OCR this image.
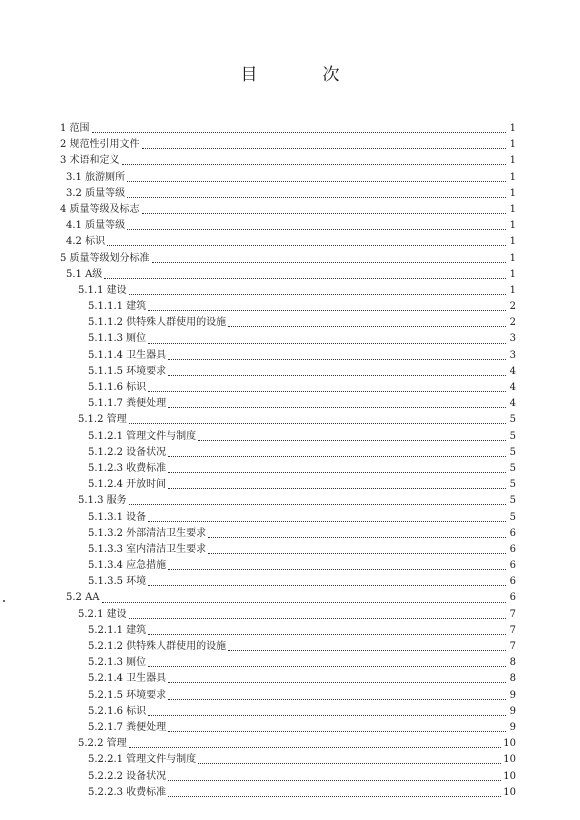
目　次
1 范围	1
2 规范性引用文件	1
3 术语和定义	1
3.1 旅游厕所	1
3.2 质量等级	1
4 质量等级及标志	1
4.1 质量等级	1
4.2 标识	1
5 质量等级划分标准	1
5.1 A级	1
5.1.1 建设	1
5.1.1.1 建筑	2
5.1.1.2 供特殊人群使用的设施	2
5.1.1.3 厕位	3
5.1.1.4 卫生器具	3
5.1.1.5 环境要求	4
5.1.1.6 标识	4
5.1.1.7 粪便处理	4
5.1.2 管理	5
5.1.2.1 管理文件与制度	5
5.1.2.2 设备状况	5
5.1.2.3 收费标准	5
5.1.2.4 开放时间	5
5.1.3 服务	5
5.1.3.1 设备	5
5.1.3.2 外部清洁卫生要求	6
5.1.3.3 室内清洁卫生要求	6
5.1.3.4 应急措施	6
5.1.3.5 环境	6
5.2 AA	6
5.2.1 建设	7
5.2.1.1 建筑	7
5.2.1.2 供特殊人群使用的设施	7
5.2.1.3 厕位	8
5.2.1.4 卫生器具	8
5.2.1.5 环境要求	9
5.2.1.6 标识	9
5.2.1.7 粪便处理	9
5.2.2 管理	10
5.2.2.1 管理文件与制度	10
5.2.2.2 设备状况	10
5.2.2.3 收费标准	10
